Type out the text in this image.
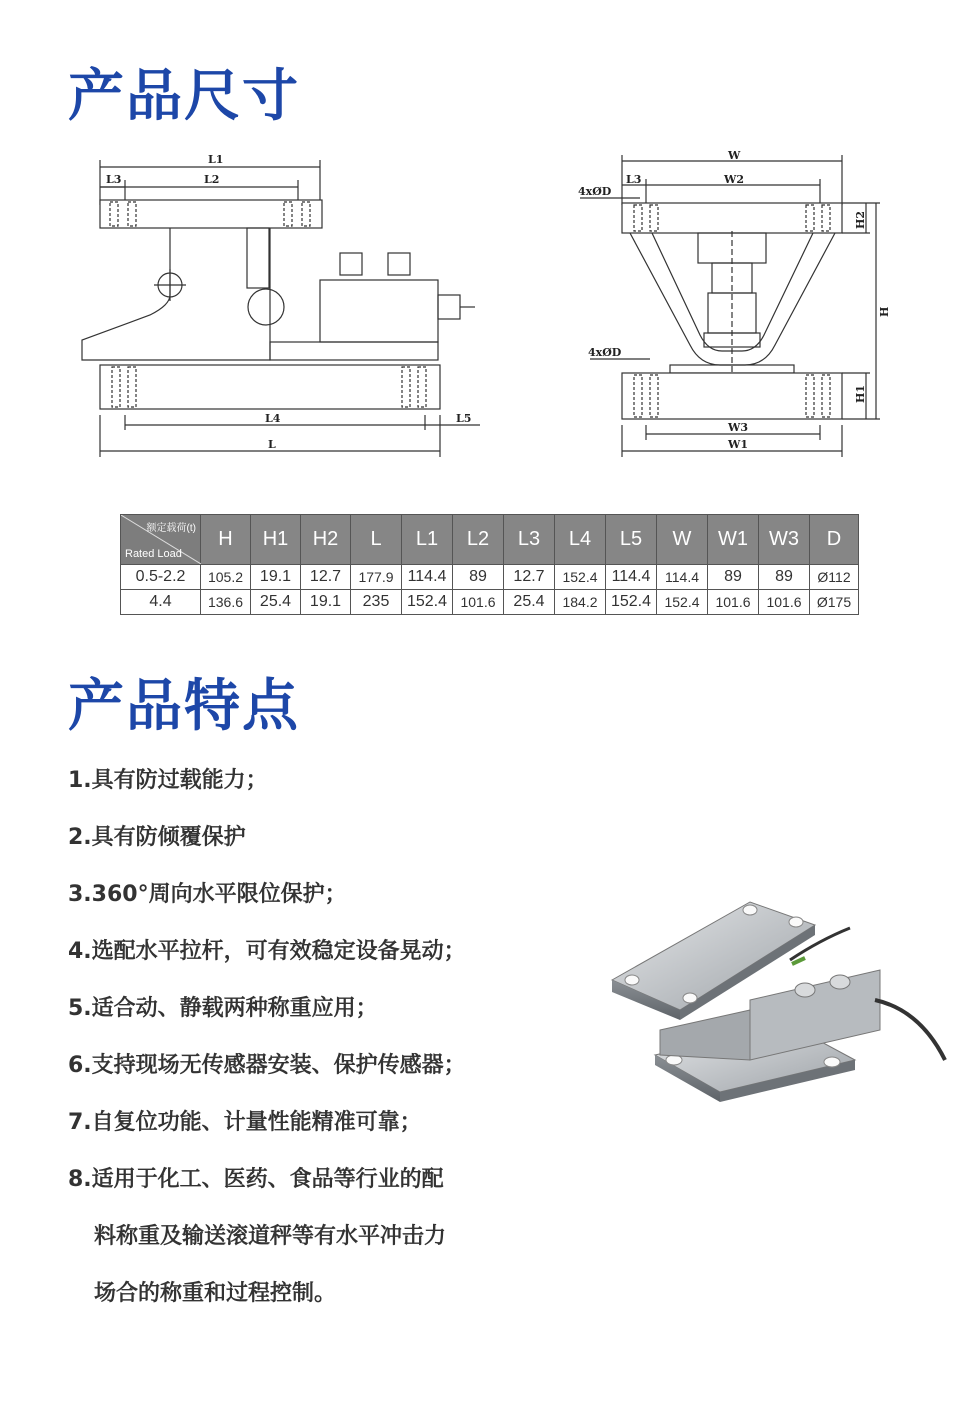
产品尺寸
L1
L3	L2
L4	L5
L
W
L3	W2
4xØD
4xØD
W3
W1
H2
H
H1
额定载荷(t)
Rated Load	H	H1	H2	L	L1	L2	L3	L4	L5	W	W1	W3	D
0.5-2.2	105.2	19.1	12.7	177.9	114.4	89	12.7	152.4	114.4	114.4	89	89	Ø112
4.4	136.6	25.4	19.1	235	152.4	101.6	25.4	184.2	152.4	152.4	101.6	101.6	Ø175
产品特点

1.具有防过载能力；

2.具有防倾覆保护

3.360°周向水平限位保护；

4.选配水平拉杆，可有效稳定设备晃动；

5.适合动、静载两种称重应用；

6.支持现场无传感器安装、保护传感器；

7.自复位功能、计量性能精准可靠；

8.适用于化工、医药、食品等行业的配

料称重及输送滚道秤等有水平冲击力

场合的称重和过程控制。
